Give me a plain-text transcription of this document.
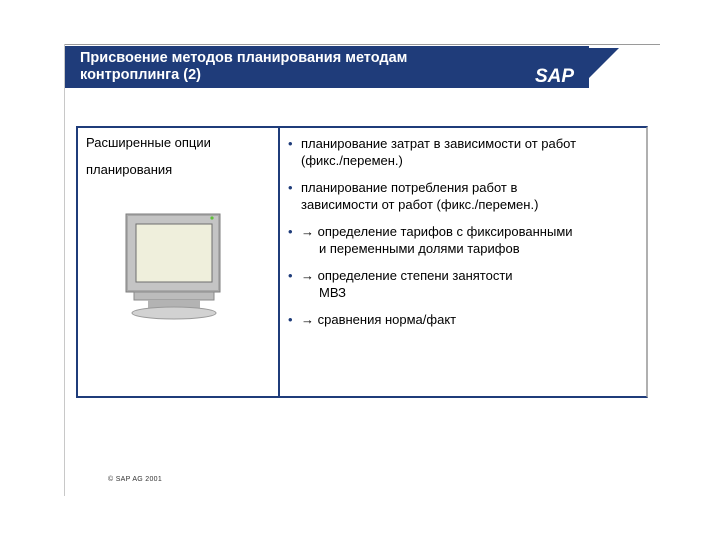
Присвоение методов планирования методам
контроплинга (2)	SAP
Расширенные опции
планирования
• планирование затрат в зависимости от работ
(фикс./перемен.)
• планирование потребления работ в
зависимости от работ (фикс./перемен.)
• → определение тарифов с фиксированными
и переменными долями тарифов
• → определение степени занятости
МВЗ
• → сравнения норма/факт
© SAP AG 2001
